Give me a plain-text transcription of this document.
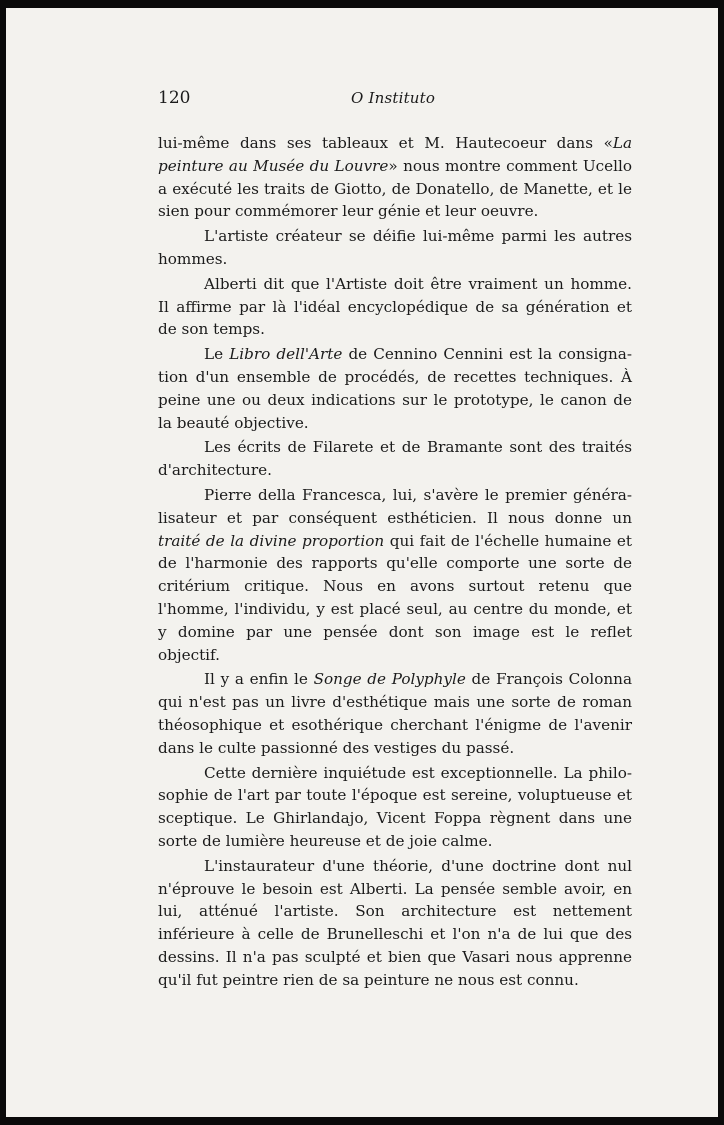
120	O Instituto

lui-même dans ses tableaux et M. Hautecoeur dans «La peinture au Musée du Louvre» nous montre comment Ucello a exécuté les traits de Giotto, de Donatello, de Manette, et le sien pour commémorer leur génie et leur oeuvre.

L'artiste créateur se déifie lui-même parmi les autres hommes.

Alberti dit que l'Artiste doit être vraiment un homme. Il affirme par là l'idéal encyclopédique de sa génération et de son temps.

Le Libro dell'Arte de Cennino Cennini est la consignation d'un ensemble de procédés, de recettes techniques. À peine une ou deux indications sur le prototype, le canon de la beauté objective.

Les écrits de Filarete et de Bramante sont des traités d'architecture.

Pierre della Francesca, lui, s'avère le premier généralisateur et par conséquent esthéticien. Il nous donne un traité de la divine proportion qui fait de l'échelle humaine et de l'harmonie des rapports qu'elle comporte une sorte de critérium critique. Nous en avons surtout retenu que l'homme, l'individu, y est placé seul, au centre du monde, et y domine par une pensée dont son image est le reflet objectif.

Il y a enfin le Songe de Polyphyle de François Colonna qui n'est pas un livre d'esthétique mais une sorte de roman théosophique et esothérique cherchant l'énigme de l'avenir dans le culte passionné des vestiges du passé.

Cette dernière inquiétude est exceptionnelle. La philosophie de l'art par toute l'époque est sereine, voluptueuse et sceptique. Le Ghirlandajo, Vicent Foppa règnent dans une sorte de lumière heureuse et de joie calme.

L'instaurateur d'une théorie, d'une doctrine dont nul n'éprouve le besoin est Alberti. La pensée semble avoir, en lui, atténué l'artiste. Son architecture est nettement inférieure à celle de Brunelleschi et l'on n'a de lui que des dessins. Il n'a pas sculpté et bien que Vasari nous apprenne qu'il fut peintre rien de sa peinture ne nous est connu.
